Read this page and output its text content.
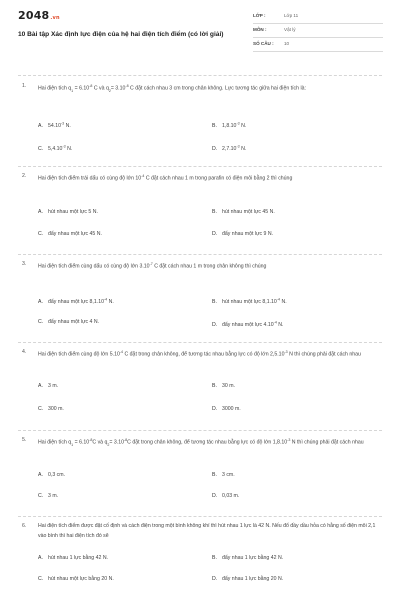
2048.vn
10 Bài tập Xác định lực điện của hệ hai điện tích điểm (có lời giải)
LỚP :	Lớp 11
MÔN :	Vật lý
SỐ CÂU : 10
1. Hai điện tích $q_1 = 6.10^{-8}$ C và $q_2= 3.10^{-8}$ C đặt cách nhau 3 cm trong chân không. Lực tương tác giữa hai điện tích là:
A. $54.10^{-3}$ N.	B. $1,8.10^{-3}$ N.
C. $5,4.10^{-3}$ N.	D. $2,7.10^{-3}$ N.
2. Hai điện tích điểm trái dấu có cùng độ lớn $10^{-4}$ C đặt cách nhau 1 m trong parafin có điện môi bằng 2 thì chúng
A. hút nhau một lực 5 N.	B. hút nhau một lực 45 N.
C. đẩy nhau một lực 45 N.	D. đẩy nhau một lực 9 N.
3. Hai điện tích điểm cùng dấu có cùng độ lớn $3.10^{-7}$ C đặt cách nhau 1 m trong chân không thì chúng
A. đẩy nhau một lực $8,1.10^{-4}$ N.	B. hút nhau một lực $8,1.10^{-4}$ N.
C. đẩy nhau một lực 4 N.	D. đẩy nhau một lực $4.10^{-4}$ N.
4. Hai điện tích điểm cùng độ lớn $5.10^{-4}$ C đặt trong chân không, để tương tác nhau bằng lực có độ lớn $2,5.10^{-3}$ N thì chúng phải đặt cách nhau
A. 3 m.	B. 30 m.
C. 300 m.	D. 3000 m.
5. Hai điện tích $q_1 = 6.10^{-8}C$ và $q_2= 3.10^{-8}C$ đặt trong chân không, để tương tác nhau bằng lực có độ lớn $1,8.10^{-3}$ N thì chúng phải đặt cách nhau
A. 0,3 cm.	B. 3 cm.
C. 3 m.	D. 0,03 m.
6. Hai điện tích điểm được đặt cố định và cách điện trong một bình không khí thì hút nhau 1 lực là 42 N. Nếu đổ đầy dầu hỏa có hằng số điện môi 2,1 vào bình thì hai điện tích đó sẽ
A. hút nhau 1 lực bằng 42 N.	B. đẩy nhau 1 lực bằng 42 N.
C. hút nhau một lực bằng 20 N.	D. đẩy nhau 1 lực bằng 20 N.
